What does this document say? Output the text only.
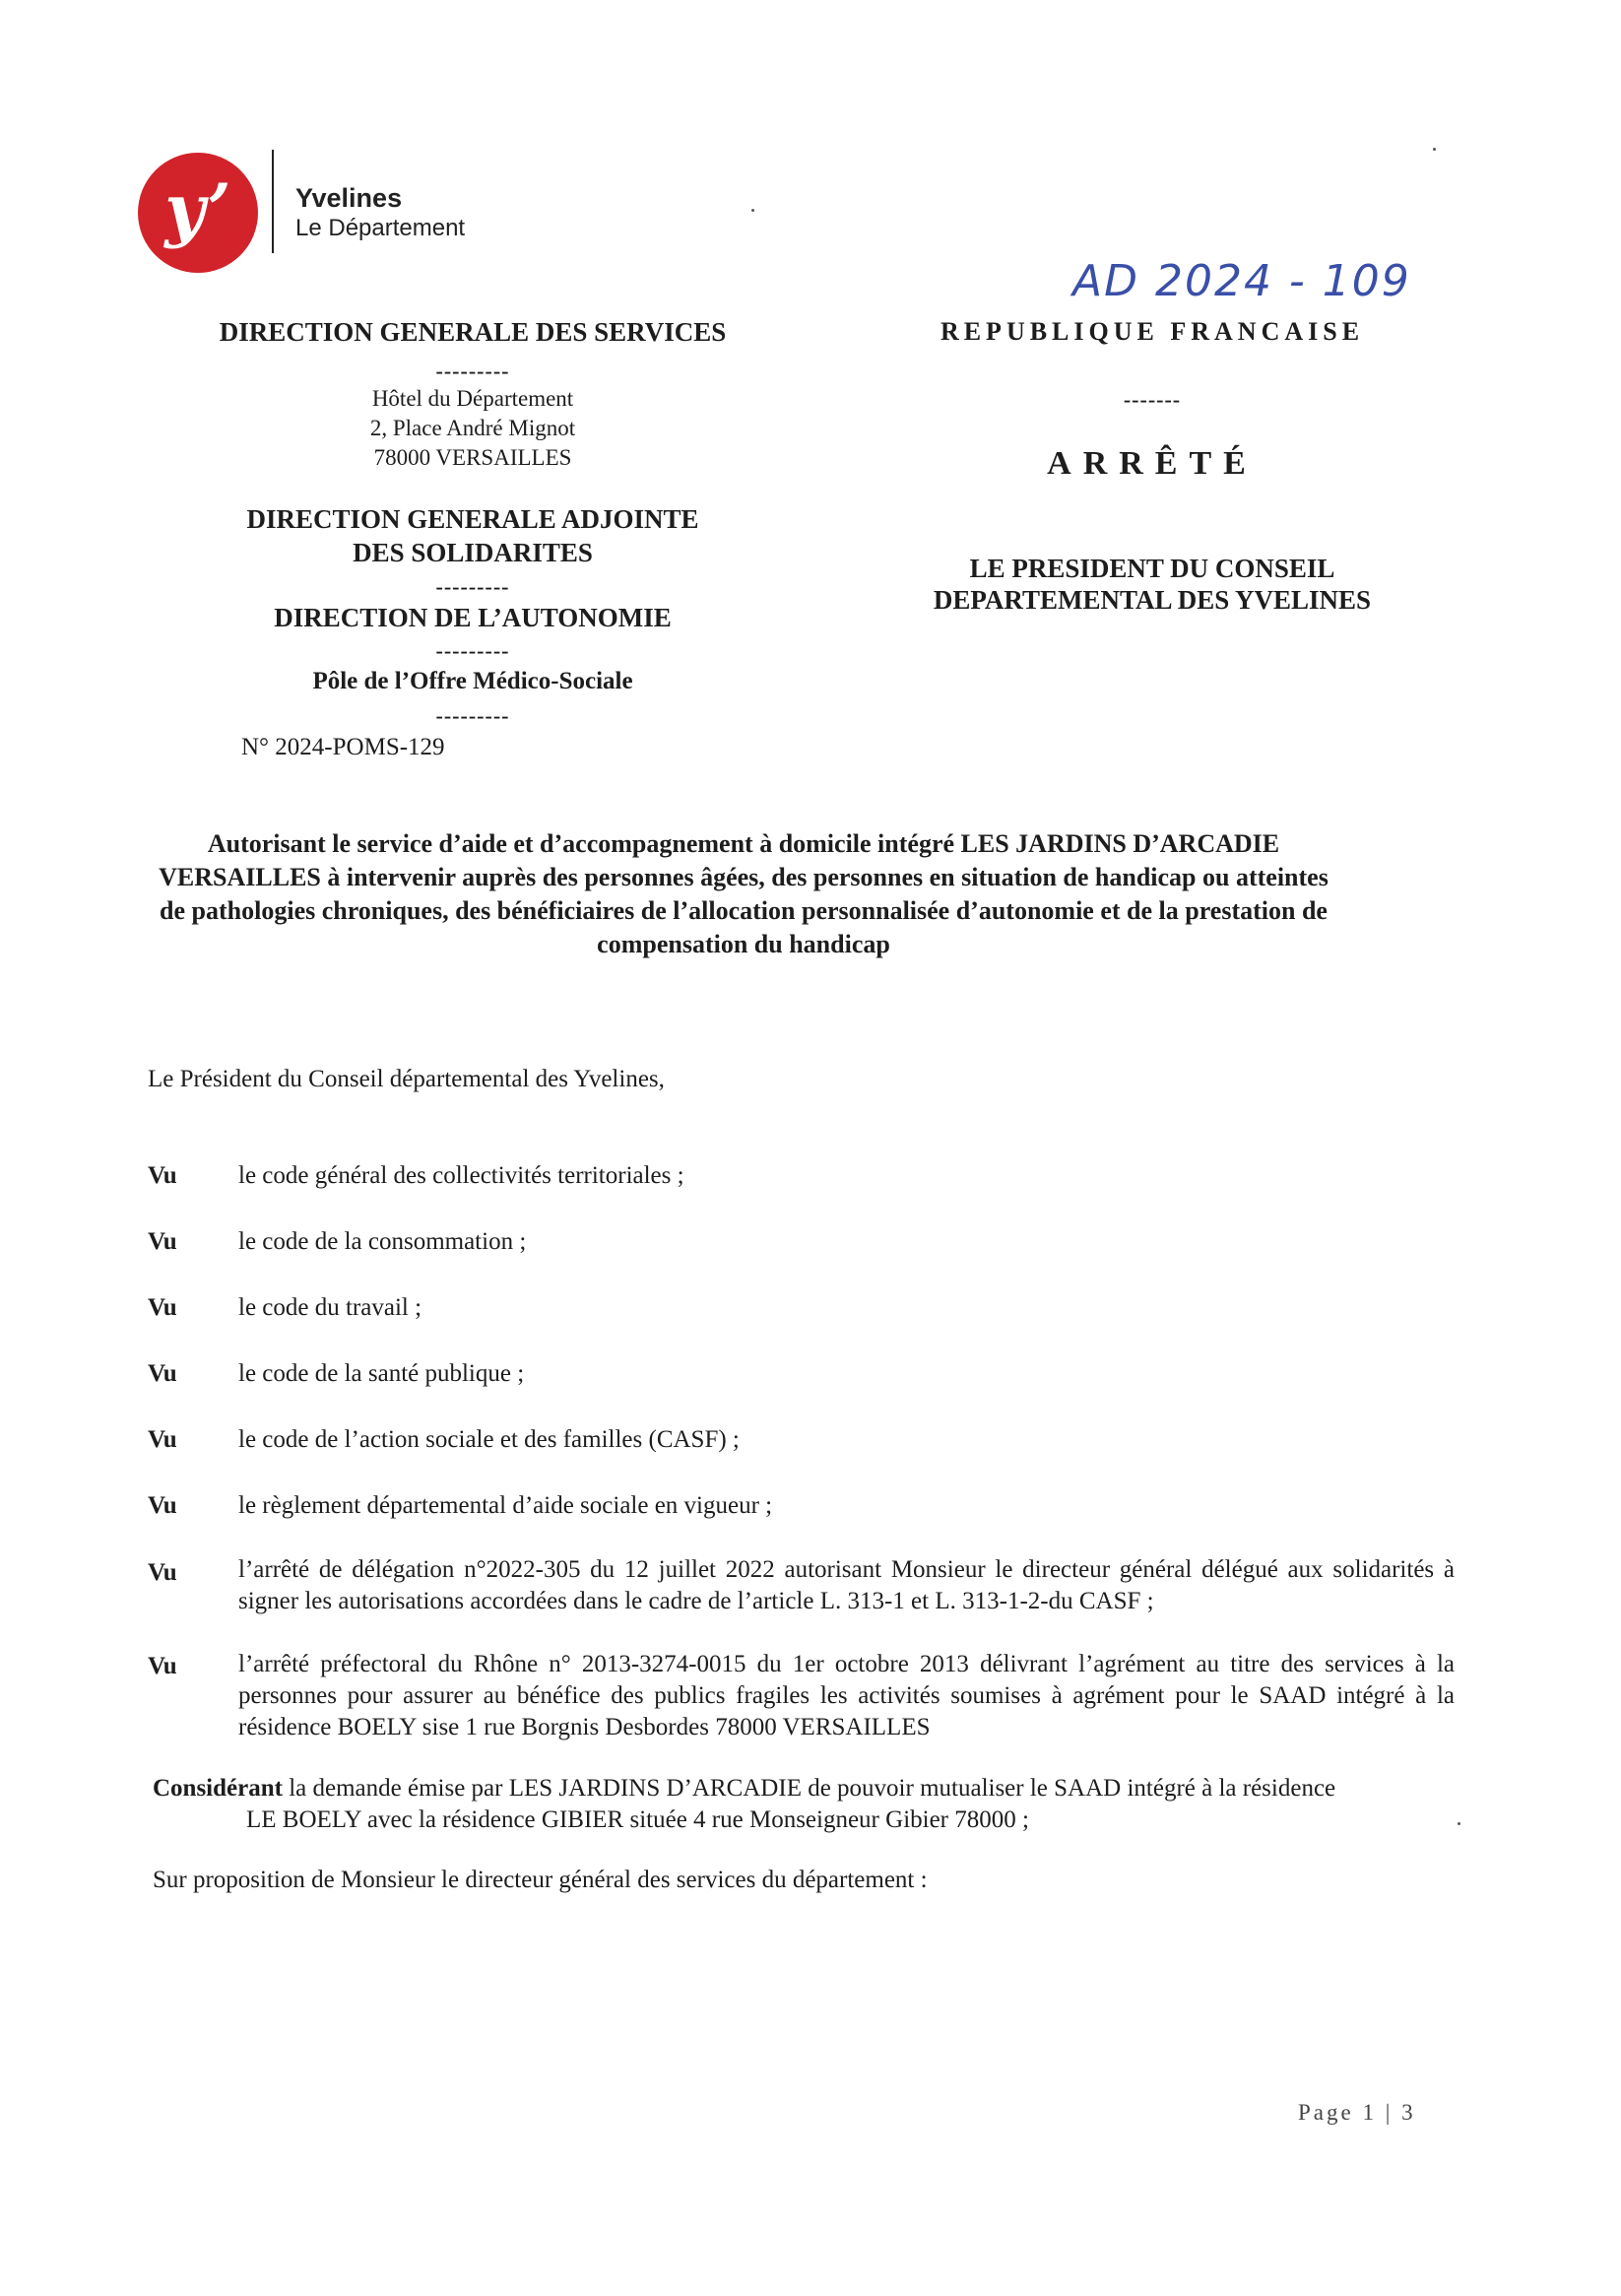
y’ Yvelines
Le Département
AD 2024 - 109
DIRECTION GENERALE DES SERVICES
---------
Hôtel du Département
2, Place André Mignot
78000 VERSAILLES
DIRECTION GENERALE ADJOINTE
DES SOLIDARITES
---------
DIRECTION DE L’AUTONOMIE
---------
Pôle de l’Offre Médico-Sociale
---------
N° 2024-POMS-129
REPUBLIQUE FRANCAISE
-------
ARRÊTÉ
LE PRESIDENT DU CONSEIL
DEPARTEMENTAL DES YVELINES
Autorisant le service d’aide et d’accompagnement à domicile intégré LES JARDINS D’ARCADIE
VERSAILLES à intervenir auprès des personnes âgées, des personnes en situation de handicap ou atteintes
de pathologies chroniques, des bénéficiaires de l’allocation personnalisée d’autonomie et de la prestation de
compensation du handicap
Le Président du Conseil départemental des Yvelines,
Vu	le code général des collectivités territoriales ;
Vu	le code de la consommation ;
Vu	le code du travail ;
Vu	le code de la santé publique ;
Vu	le code de l’action sociale et des familles (CASF) ;
Vu	le règlement départemental d’aide sociale en vigueur ;
Vu	l’arrêté de délégation n°2022-305 du 12 juillet 2022 autorisant Monsieur le directeur général délégué aux solidarités à signer les autorisations accordées dans le cadre de l’article L. 313-1 et L. 313-1-2-du CASF ;
Vu	l’arrêté préfectoral du Rhône n° 2013-3274-0015 du 1er octobre 2013 délivrant l’agrément au titre des services à la personnes pour assurer au bénéfice des publics fragiles les activités soumises à agrément pour le SAAD intégré à la résidence BOELY sise 1 rue Borgnis Desbordes 78000 VERSAILLES
Considérant la demande émise par LES JARDINS D’ARCADIE de pouvoir mutualiser le SAAD intégré à la résidence
LE BOELY avec la résidence GIBIER située 4 rue Monseigneur Gibier 78000 ;
Sur proposition de Monsieur le directeur général des services du département :
Page 1 | 3
